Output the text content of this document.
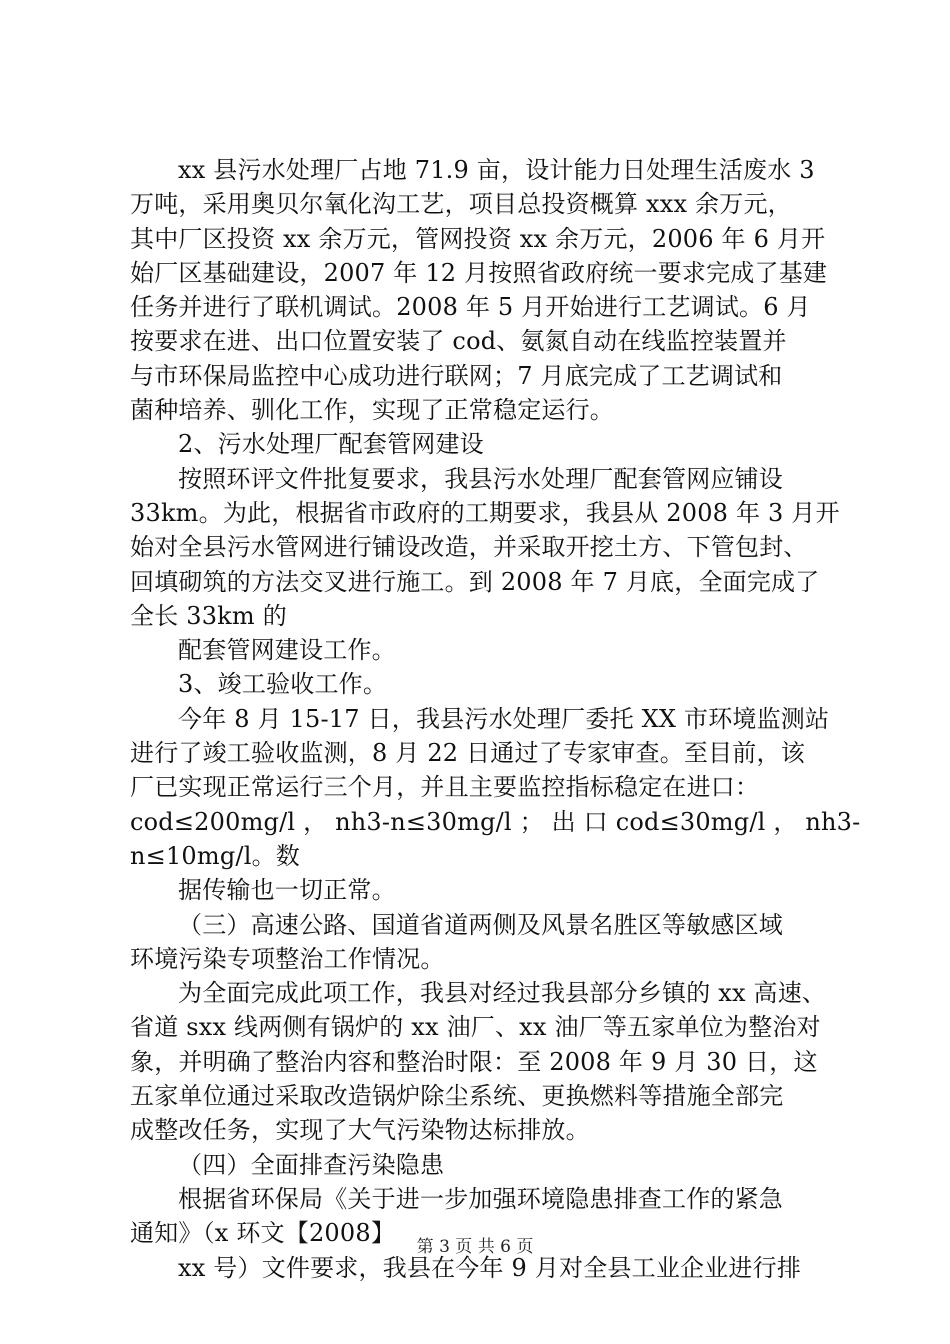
xx 县污水处理厂占地 71.9 亩，设计能力日处理生活废水 3
万吨，采用奥贝尔氧化沟工艺，项目总投资概算 xxx 余万元，
其中厂区投资 xx 余万元，管网投资 xx 余万元，2006 年 6 月开
始厂区基础建设，2007 年 12 月按照省政府统一要求完成了基建
任务并进行了联机调试。2008 年 5 月开始进行工艺调试。6 月
按要求在进、出口位置安装了 cod、氨氮自动在线监控装置并
与市环保局监控中心成功进行联网；7 月底完成了工艺调试和
菌种培养、驯化工作，实现了正常稳定运行。
2、污水处理厂配套管网建设
按照环评文件批复要求，我县污水处理厂配套管网应铺设
33km。为此，根据省市政府的工期要求，我县从 2008 年 3 月开
始对全县污水管网进行铺设改造，并采取开挖土方、下管包封、
回填砌筑的方法交叉进行施工。到 2008 年 7 月底，全面完成了
全长 33km 的
配套管网建设工作。
3、竣工验收工作。
今年 8 月 15-17 日，我县污水处理厂委托 XX 市环境监测站
进行了竣工验收监测，8 月 22 日通过了专家审查。至目前，该
厂已实现正常运行三个月，并且主要监控指标稳定在进口：
cod≤200mg/l ， nh3-n≤30mg/l ； 出 口 cod≤30mg/l ， nh3-
n≤10mg/l。数
据传输也一切正常。
（三）高速公路、国道省道两侧及风景名胜区等敏感区域
环境污染专项整治工作情况。
为全面完成此项工作，我县对经过我县部分乡镇的 xx 高速、
省道 sxx 线两侧有锅炉的 xx 油厂、xx 油厂等五家单位为整治对
象，并明确了整治内容和整治时限：至 2008 年 9 月 30 日，这
五家单位通过采取改造锅炉除尘系统、更换燃料等措施全部完
成整改任务，实现了大气污染物达标排放。
（四）全面排查污染隐患
根据省环保局《关于进一步加强环境隐患排查工作的紧急
通知》（x 环文【2008】
xx 号）文件要求，我县在今年 9 月对全县工业企业进行排
第 3 页 共 6 页
